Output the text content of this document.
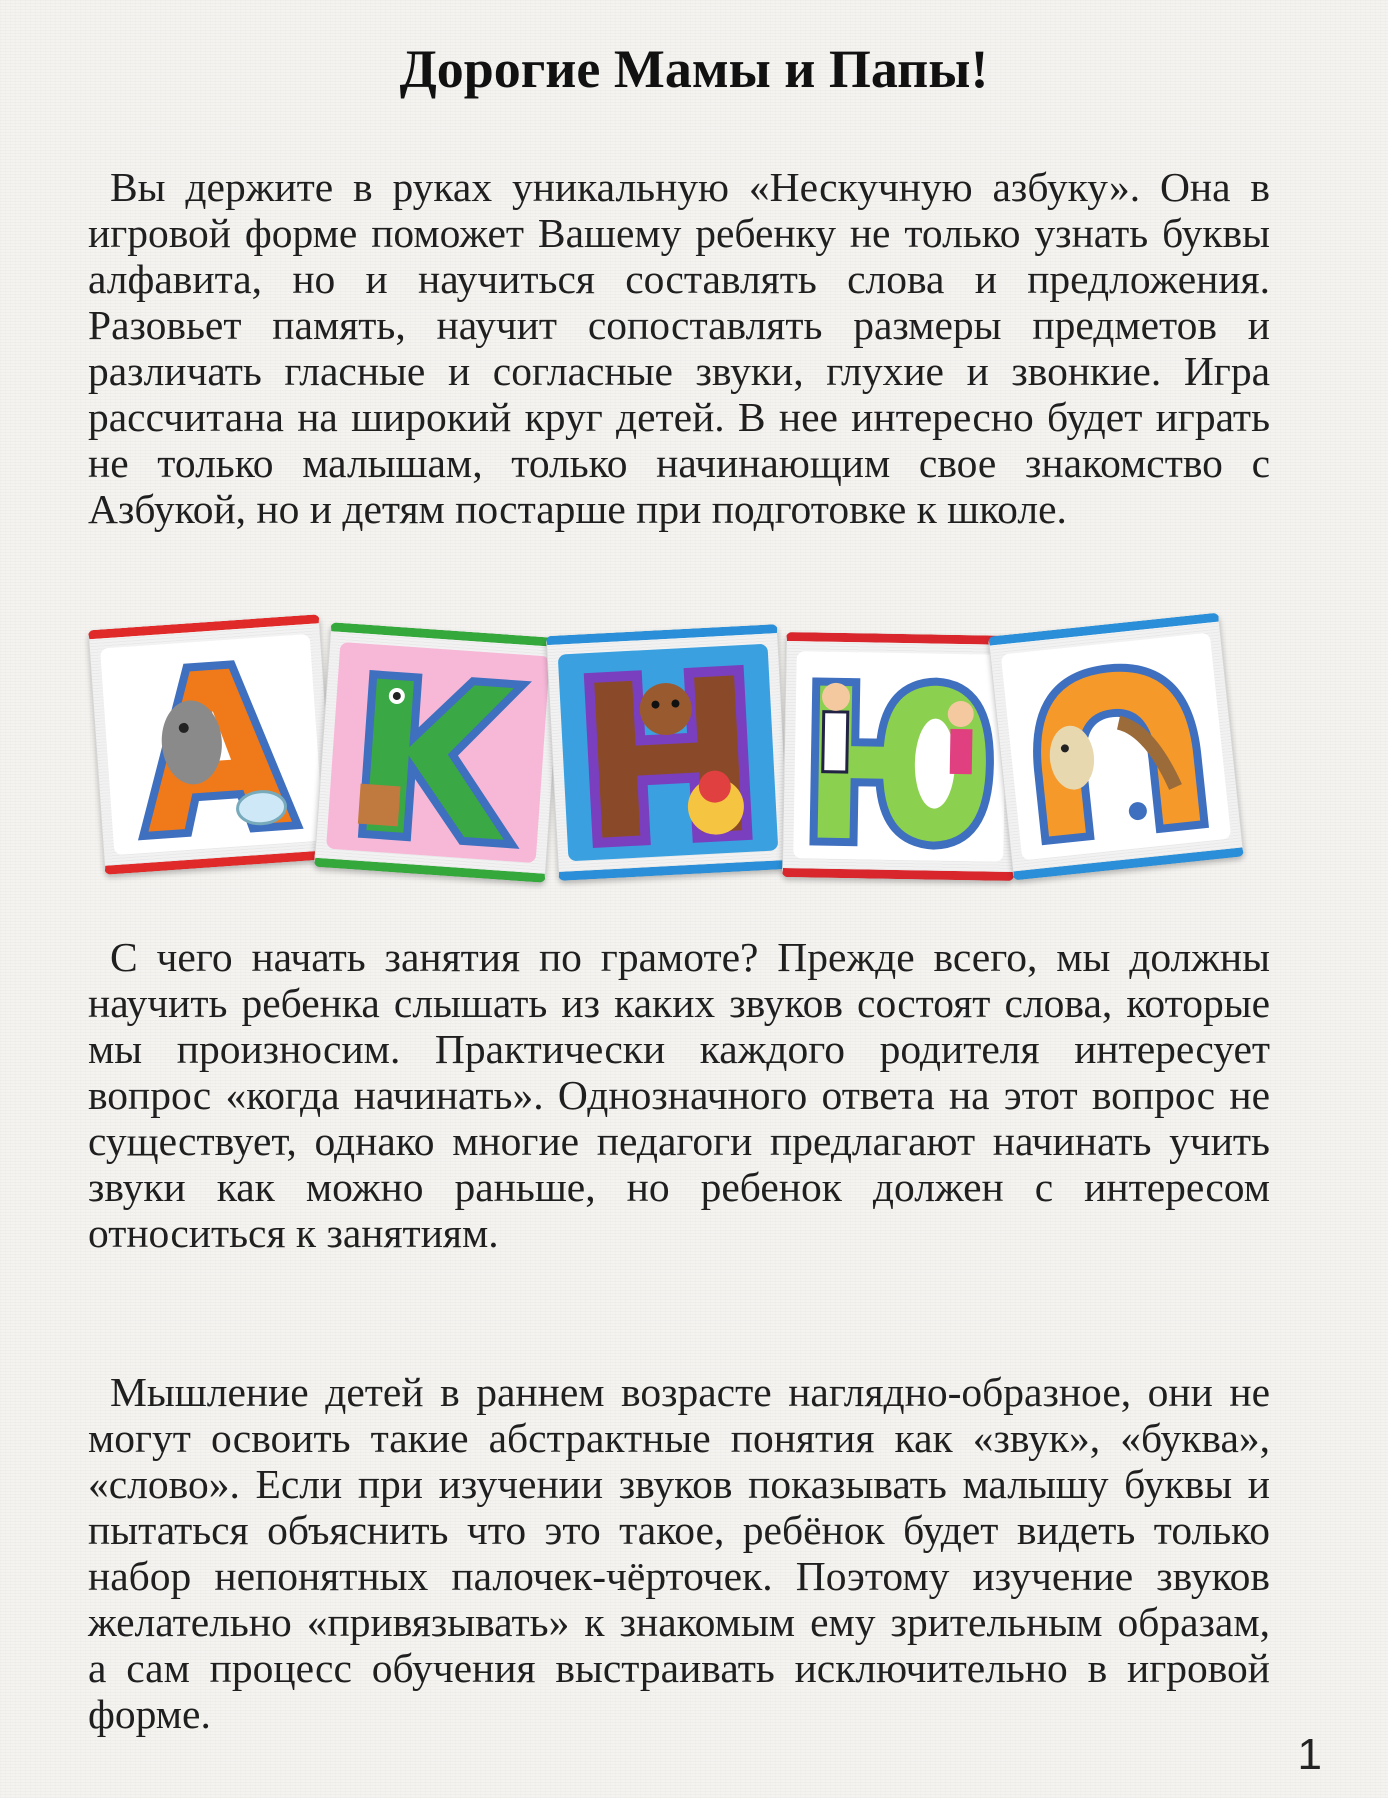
Дорогие Мамы и Папы!

Вы держите в руках уникальную «Нескучную азбуку». Она в игровой форме поможет Вашему ребенку не только узнать буквы алфавита, но и научиться составлять слова и предложения. Разовьет память, научит сопоставлять размеры предметов и различать гласные и согласные звуки, глухие и звонкие. Игра рассчитана на широкий круг детей. В нее интересно будет играть не только малышам, только начинающим свое знакомство с Азбукой, но и детям постарше при подготовке к школе.

С чего начать занятия по грамоте? Прежде всего, мы должны научить ребенка слышать из каких звуков состоят слова, которые мы произносим. Практически каждого родителя интересует вопрос «когда начинать». Однозначного ответа на этот вопрос не существует, однако многие педагоги предлагают начинать учить звуки как можно раньше, но ребенок должен с интересом относиться к занятиям.

Мышление детей в раннем возрасте наглядно-образное, они не могут освоить такие абстрактные понятия как «звук», «буква», «слово». Если при изучении звуков показывать малышу буквы и пытаться объяснить что это такое, ребёнок будет видеть только набор непонятных палочек-чёрточек. Поэтому изучение звуков желательно «привязывать» к знакомым ему зрительным образам, а сам процесс обучения выстраивать исключительно в игровой форме.

1
